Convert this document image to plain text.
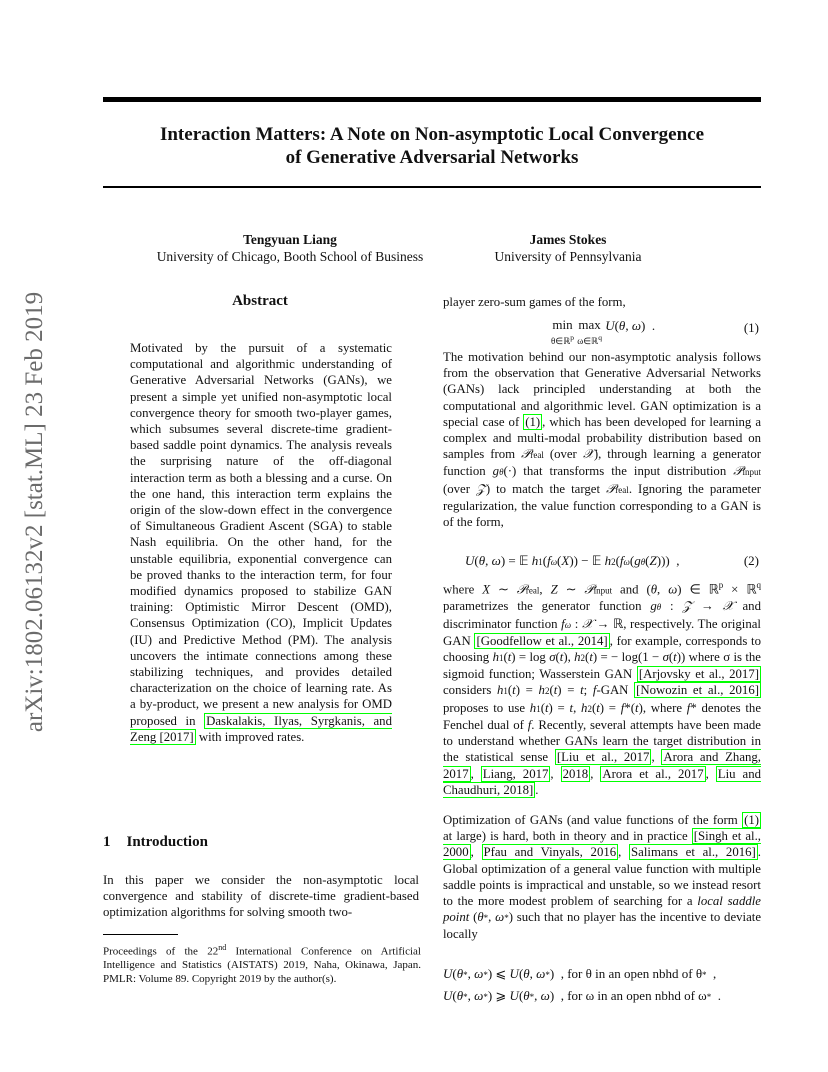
Interaction Matters: A Note on Non-asymptotic Local Convergence
of Generative Adversarial Networks
arXiv:1802.06132v2 [stat.ML] 23 Feb 2019
Tengyuan Liang
University of Chicago, Booth School of Business
James Stokes
University of Pennsylvania
Abstract
Motivated by the pursuit of a systematic computational and algorithmic understanding of Generative Adversarial Networks (GANs), we present a simple yet unified non-asymptotic local convergence theory for smooth two-player games, which subsumes several discrete-time gradient-based saddle point dynamics. The analysis reveals the surprising nature of the off-diagonal interaction term as both a blessing and a curse. On the one hand, this interaction term explains the origin of the slow-down effect in the convergence of Simultaneous Gradient Ascent (SGA) to stable Nash equilibria. On the other hand, for the unstable equilibria, exponential convergence can be proved thanks to the interaction term, for four modified dynamics proposed to stabilize GAN training: Optimistic Mirror Descent (OMD), Consensus Optimization (CO), Implicit Updates (IU) and Predictive Method (PM). The analysis uncovers the intimate connections among these stabilizing techniques, and provides detailed characterization on the choice of learning rate. As a by-product, we present a new analysis for OMD proposed in Daskalakis, Ilyas, Syrgkanis, and Zeng [2017] with improved rates.
1 Introduction
In this paper we consider the non-asymptotic local convergence and stability of discrete-time gradient-based optimization algorithms for solving smooth two-
Proceedings of the 22nd International Conference on Artificial Intelligence and Statistics (AISTATS) 2019, Naha, Okinawa, Japan. PMLR: Volume 89. Copyright 2019 by the author(s).
player zero-sum games of the form,
min
θ∈ℝ$^p$ max
ω∈ℝ$^q$ U(θ, ω)  .	(1)
The motivation behind our non-asymptotic analysis follows from the observation that Generative Adversarial Networks (GANs) lack principled understanding at both the computational and algorithmic level. GAN optimization is a special case of (1) , which has been developed for learning a complex and multi-modal probability distribution based on samples from 𝒫real (over 𝒳), through learning a generator function gθ(·) that transforms the input distribution 𝒫input (over 𝒵) to match the target 𝒫real. Ignoring the parameter regularization, the value function corresponding to a GAN is of the form,
U(θ, ω) = 𝔼 h1(fω(X)) − 𝔼 h2(fω(gθ(Z)))  ,	(2)
where X ∼ 𝒫real, Z ∼ 𝒫input and (θ, ω) ∈ ℝ$^p$ × ℝ$^q$ parametrizes the generator function gθ : 𝒵 → 𝒳 and discriminator function fω : 𝒳 → ℝ, respectively. The original GAN [Goodfellow et al., 2014] , for example, corresponds to choosing h1(t) = log σ(t), h2(t) = − log(1 − σ(t)) where σ is the sigmoid function; Wasserstein GAN [Arjovsky et al., 2017] considers h1(t) = h2(t) = t; f-GAN [Nowozin et al., 2016] proposes to use h1(t) = t, h2(t) = f*(t), where f* denotes the Fenchel dual of f. Recently, several attempts have been made to understand whether GANs learn the target distribution in the statistical sense [Liu et al., 2017 , Arora and Zhang, 2017 , Liang, 2017 , 2018 , Arora et al., 2017 , Liu and Chaudhuri, 2018] .
Optimization of GANs (and value functions of the form (1) at large) is hard, both in theory and in practice [Singh et al., 2000 , Pfau and Vinyals, 2016 , Salimans et al., 2016] . Global optimization of a general value function with multiple saddle points is impractical and unstable, so we instead resort to the more modest problem of searching for a local saddle point (θ*, ω*) such that no player has the incentive to deviate locally
U(θ*, ω*) ⩽ U(θ, ω*)  , for θ in an open nbhd of θ*  ,
U(θ*, ω*) ⩾ U(θ*, ω)  , for ω in an open nbhd of ω*  .
